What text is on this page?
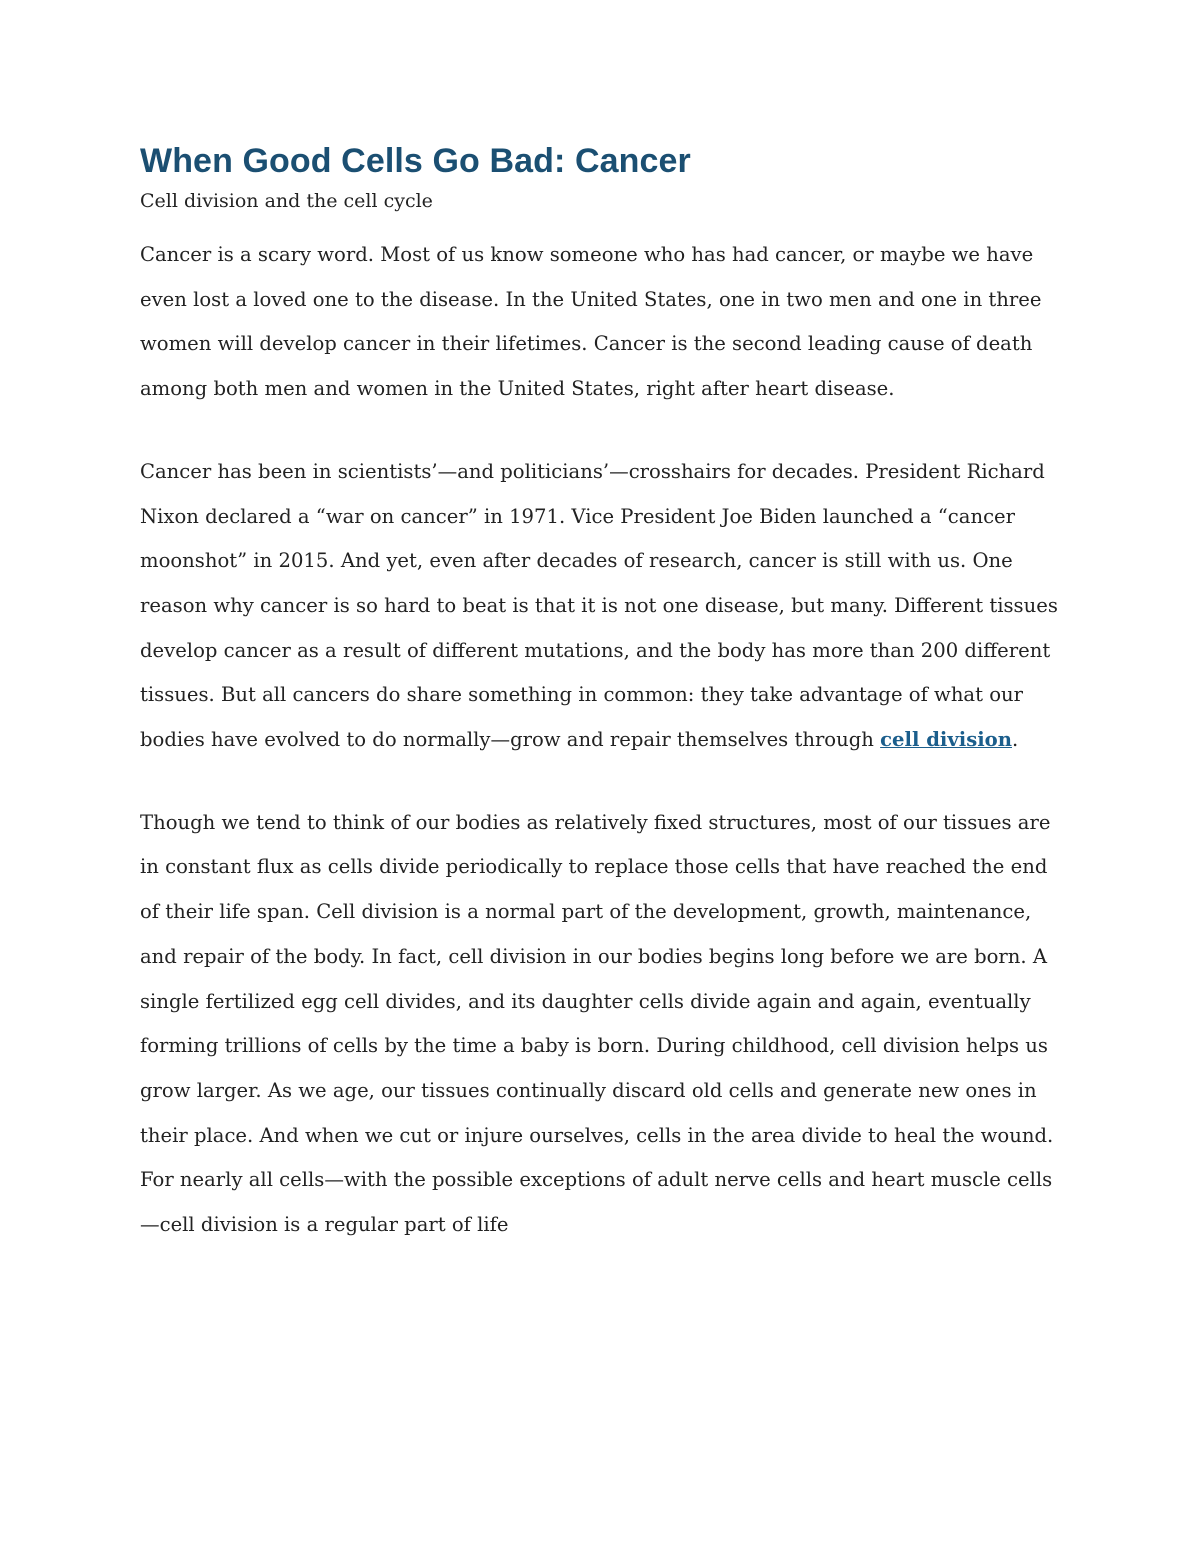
When Good Cells Go Bad: Cancer

Cell division and the cell cycle

Cancer is a scary word. Most of us know someone who has had cancer, or maybe we have even lost a loved one to the disease. In the United States, one in two men and one in three women will develop cancer in their lifetimes. Cancer is the second leading cause of death among both men and women in the United States, right after heart disease.

Cancer has been in scientists’—and politicians’—crosshairs for decades. President Richard Nixon declared a “war on cancer” in 1971. Vice President Joe Biden launched a “cancer moonshot” in 2015. And yet, even after decades of research, cancer is still with us. One reason why cancer is so hard to beat is that it is not one disease, but many. Different tissues develop cancer as a result of different mutations, and the body has more than 200 different tissues. But all cancers do share something in common: they take advantage of what our bodies have evolved to do normally—grow and repair themselves through cell division.

Though we tend to think of our bodies as relatively fixed structures, most of our tissues are in constant flux as cells divide periodically to replace those cells that have reached the end of their life span. Cell division is a normal part of the development, growth, maintenance, and repair of the body. In fact, cell division in our bodies begins long before we are born. A single fertilized egg cell divides, and its daughter cells divide again and again, eventually forming trillions of cells by the time a baby is born. During childhood, cell division helps us grow larger. As we age, our tissues continually discard old cells and generate new ones in their place. And when we cut or injure ourselves, cells in the area divide to heal the wound. For nearly all cells—with the possible exceptions of adult nerve cells and heart muscle cells—cell division is a regular part of life
